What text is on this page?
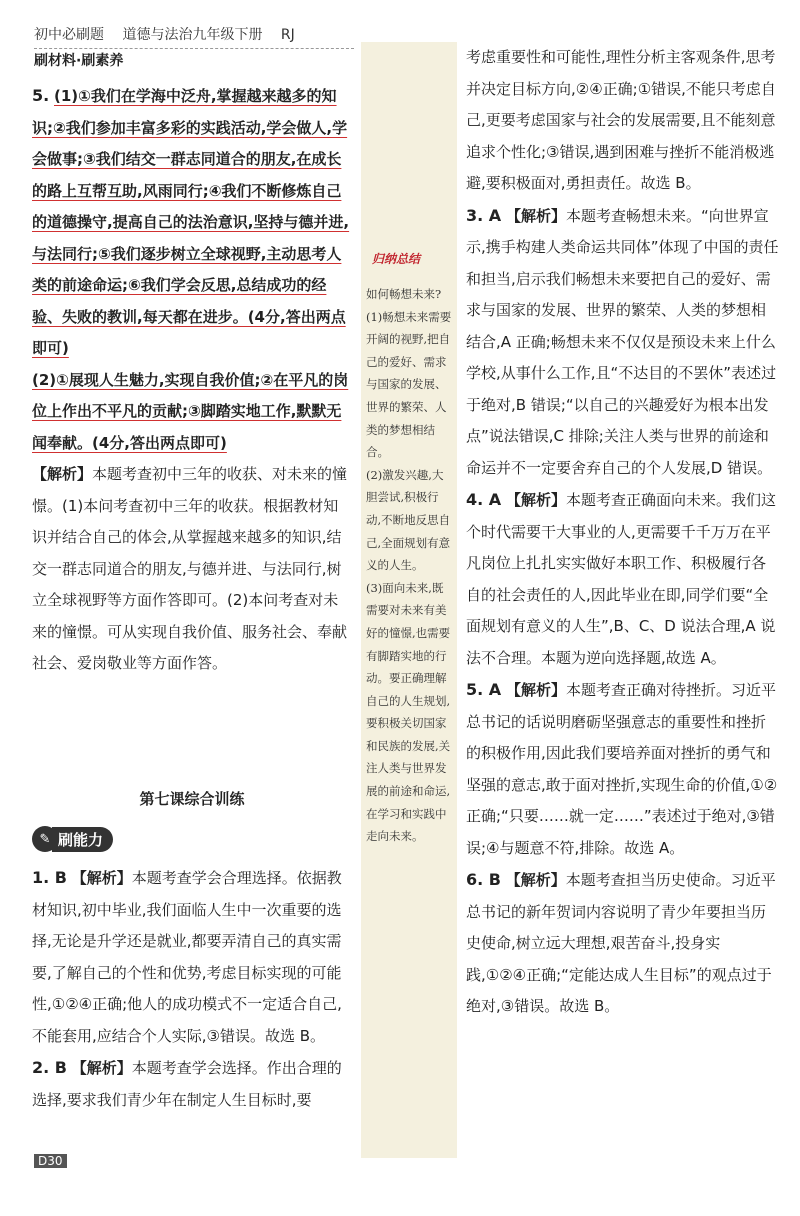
初中必刷题 道德与法治九年级下册 RJ
刷材料·刷素养

5. (1)①我们在学海中泛舟,掌握越来越多的知识;②我们参加丰富多彩的实践活动,学会做人,学会做事;③我们结交一群志同道合的朋友,在成长的路上互帮互助,风雨同行;④我们不断修炼自己的道德操守,提高自己的法治意识,坚持与德并进,与法同行;⑤我们逐步树立全球视野,主动思考人类的前途命运;⑥我们学会反思,总结成功的经验、失败的教训,每天都在进步。(4分,答出两点即可)

(2)①展现人生魅力,实现自我价值;②在平凡的岗位上作出不平凡的贡献;③脚踏实地工作,默默无闻奉献。(4分,答出两点即可)

【解析】本题考查初中三年的收获、对未来的憧憬。(1)本问考查初中三年的收获。根据教材知识并结合自己的体会,从掌握越来越多的知识,结交一群志同道合的朋友,与德并进、与法同行,树立全球视野等方面作答即可。(2)本问考查对未来的憧憬。可从实现自我价值、服务社会、奉献社会、爱岗敬业等方面作答。

第七课综合训练
✎ 刷能力

1. B 【解析】本题考查学会合理选择。依据教材知识,初中毕业,我们面临人生中一次重要的选择,无论是升学还是就业,都要弄清自己的真实需要,了解自己的个性和优势,考虑目标实现的可能性,①②④正确;他人的成功模式不一定适合自己,不能套用,应结合个人实际,③错误。故选 B。

2. B 【解析】本题考查学会选择。作出合理的选择,要求我们青少年在制定人生目标时,要

归纳总结

如何畅想未来?

(1)畅想未来需要开阔的视野,把自己的爱好、需求与国家的发展、世界的繁荣、人类的梦想相结合。

(2)激发兴趣,大胆尝试,积极行动,不断地反思自己,全面规划有意义的人生。

(3)面向未来,既需要对未来有美好的憧憬,也需要有脚踏实地的行动。要正确理解自己的人生规划,要积极关切国家和民族的发展,关注人类与世界发展的前途和命运,在学习和实践中走向未来。

考虑重要性和可能性,理性分析主客观条件,思考并决定目标方向,②④正确;①错误,不能只考虑自己,更要考虑国家与社会的发展需要,且不能刻意追求个性化;③错误,遇到困难与挫折不能消极逃避,要积极面对,勇担责任。故选 B。

3. A 【解析】本题考查畅想未来。“向世界宣示,携手构建人类命运共同体”体现了中国的责任和担当,启示我们畅想未来要把自己的爱好、需求与国家的发展、世界的繁荣、人类的梦想相结合,A 正确;畅想未来不仅仅是预设未来上什么学校,从事什么工作,且“不达目的不罢休”表述过于绝对,B 错误;“以自己的兴趣爱好为根本出发点”说法错误,C 排除;关注人类与世界的前途和命运并不一定要舍弃自己的个人发展,D 错误。

4. A 【解析】本题考查正确面向未来。我们这个时代需要干大事业的人,更需要千千万万在平凡岗位上扎扎实实做好本职工作、积极履行各自的社会责任的人,因此毕业在即,同学们要“全面规划有意义的人生”,B、C、D 说法合理,A 说法不合理。本题为逆向选择题,故选 A。

5. A 【解析】本题考查正确对待挫折。习近平总书记的话说明磨砺坚强意志的重要性和挫折的积极作用,因此我们要培养面对挫折的勇气和坚强的意志,敢于面对挫折,实现生命的价值,①②正确;“只要……就一定……”表述过于绝对,③错误;④与题意不符,排除。故选 A。

6. B 【解析】本题考查担当历史使命。习近平总书记的新年贺词内容说明了青少年要担当历史使命,树立远大理想,艰苦奋斗,投身实践,①②④正确;“定能达成人生目标”的观点过于绝对,③错误。故选 B。

D30
